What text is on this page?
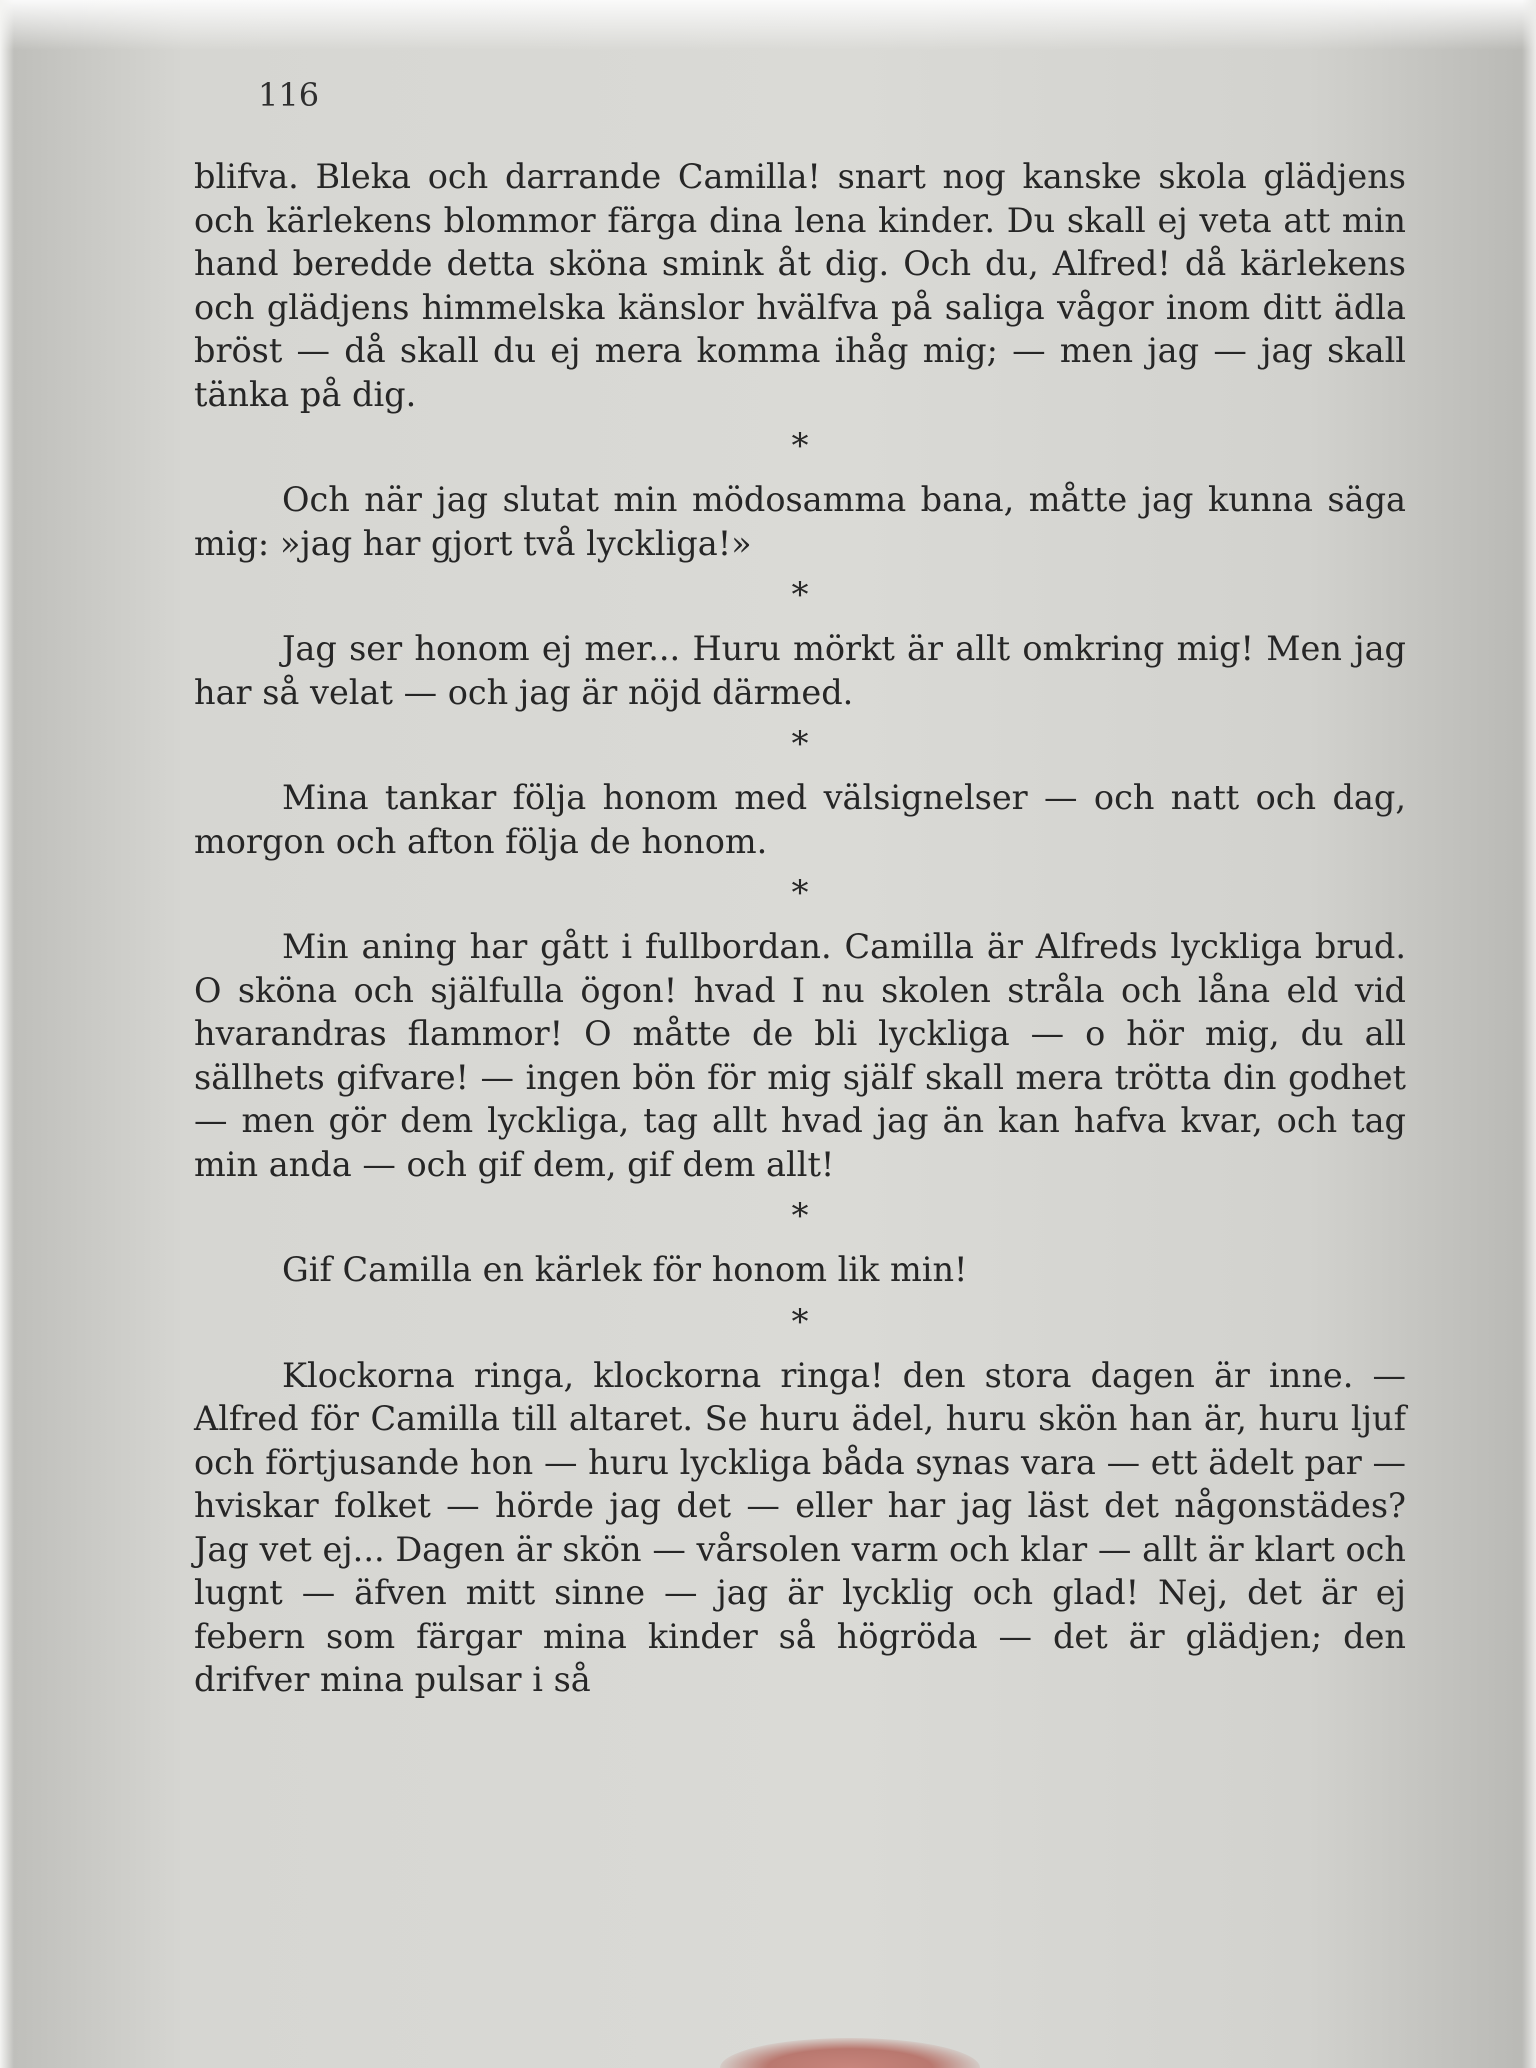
116

blifva. Bleka och darrande Camilla! snart nog kanske skola glädjens och kärlekens blommor färga dina lena kinder. Du skall ej veta att min hand beredde detta sköna smink åt dig. Och du, Alfred! då kärlekens och glädjens himmelska känslor hvälfva på saliga vågor inom ditt ädla bröst — då skall du ej mera komma ihåg mig; — men jag — jag skall tänka på dig.

*

Och när jag slutat min mödosamma bana, måtte jag kunna säga mig: »jag har gjort två lyckliga!»

*

Jag ser honom ej mer... Huru mörkt är allt omkring mig! Men jag har så velat — och jag är nöjd därmed.

*

Mina tankar följa honom med välsignelser — och natt och dag, morgon och afton följa de honom.

*

Min aning har gått i fullbordan. Camilla är Alfreds lyckliga brud. O sköna och själfulla ögon! hvad I nu skolen stråla och låna eld vid hvarandras flammor! O måtte de bli lyckliga — o hör mig, du all sällhets gifvare! — ingen bön för mig själf skall mera trötta din godhet — men gör dem lyckliga, tag allt hvad jag än kan hafva kvar, och tag min anda — och gif dem, gif dem allt!

*

Gif Camilla en kärlek för honom lik min!

*

Klockorna ringa, klockorna ringa! den stora dagen är inne. — Alfred för Camilla till altaret. Se huru ädel, huru skön han är, huru ljuf och förtjusande hon — huru lyckliga båda synas vara — ett ädelt par — hviskar folket — hörde jag det — eller har jag läst det någonstädes? Jag vet ej... Dagen är skön — vårsolen varm och klar — allt är klart och lugnt — äfven mitt sinne — jag är lycklig och glad! Nej, det är ej febern som färgar mina kinder så högröda — det är glädjen; den drifver mina pulsar i så
